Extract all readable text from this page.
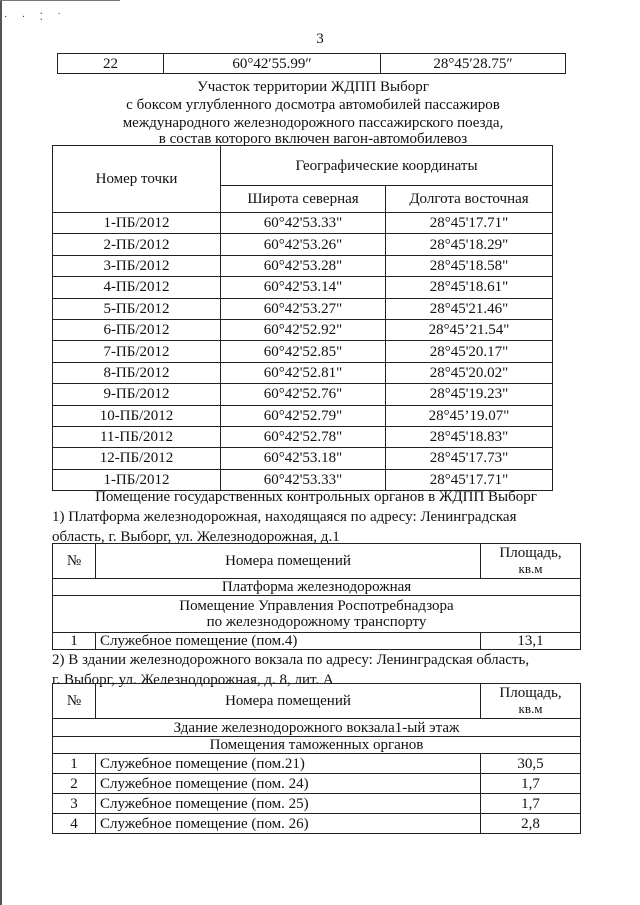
· · ⁚ ˙
3
22	60°42′55.99″	28°45′28.75″
Участок территории ЖДПП Выборг
с боксом углубленного досмотра автомобилей пассажиров
международного железнодорожного пассажирского поезда,
в состав которого включен вагон-автомобилевоз
Номер точки	Географические координаты	
	Широта северная	Долгота восточная
1-ПБ/2012	60°42'53.33"	28°45'17.71"
2-ПБ/2012	60°42'53.26"	28°45'18.29"
3-ПБ/2012	60°42'53.28"	28°45'18.58"
4-ПБ/2012	60°42'53.14"	28°45'18.61"
5-ПБ/2012	60°42'53.27"	28°45'21.46"
6-ПБ/2012	60°42'52.92"	28°45’21.54"
7-ПБ/2012	60°42'52.85"	28°45'20.17"
8-ПБ/2012	60°42'52.81"	28°45'20.02"
9-ПБ/2012	60°42'52.76"	28°45'19.23"
10-ПБ/2012	60°42'52.79"	28°45’19.07"
11-ПБ/2012	60°42'52.78"	28°45'18.83"
12-ПБ/2012	60°42'53.18"	28°45'17.73"
1-ПБ/2012	60°42'53.33"	28°45'17.71"
Помещение государственных контрольных органов в ЖДПП Выборг
1) Платформа железнодорожная, находящаяся по адресу: Ленинградская
область, г. Выборг, ул. Железнодорожная, д.1
№	Номера помещений	Площадь,
кв.м

Платформа железнодорожная		

Помещение Управления Роспотребнадзора
по железнодорожному транспорту		

1	Служебное помещение (пом.4)	13,1
2) В здании железнодорожного вокзала по адресу: Ленинградская область,
г. Выборг, ул. Железнодорожная, д. 8, лит. А
№	Номера помещений	Площадь,
кв.м

Здание железнодорожного вокзала1-ый этаж		
Помещения таможенных органов		
1	Служебное помещение (пом.21)	30,5
2	Служебное помещение (пом. 24)	1,7
3	Служебное помещение (пом. 25)	1,7
4	Служебное помещение (пом. 26)	2,8
